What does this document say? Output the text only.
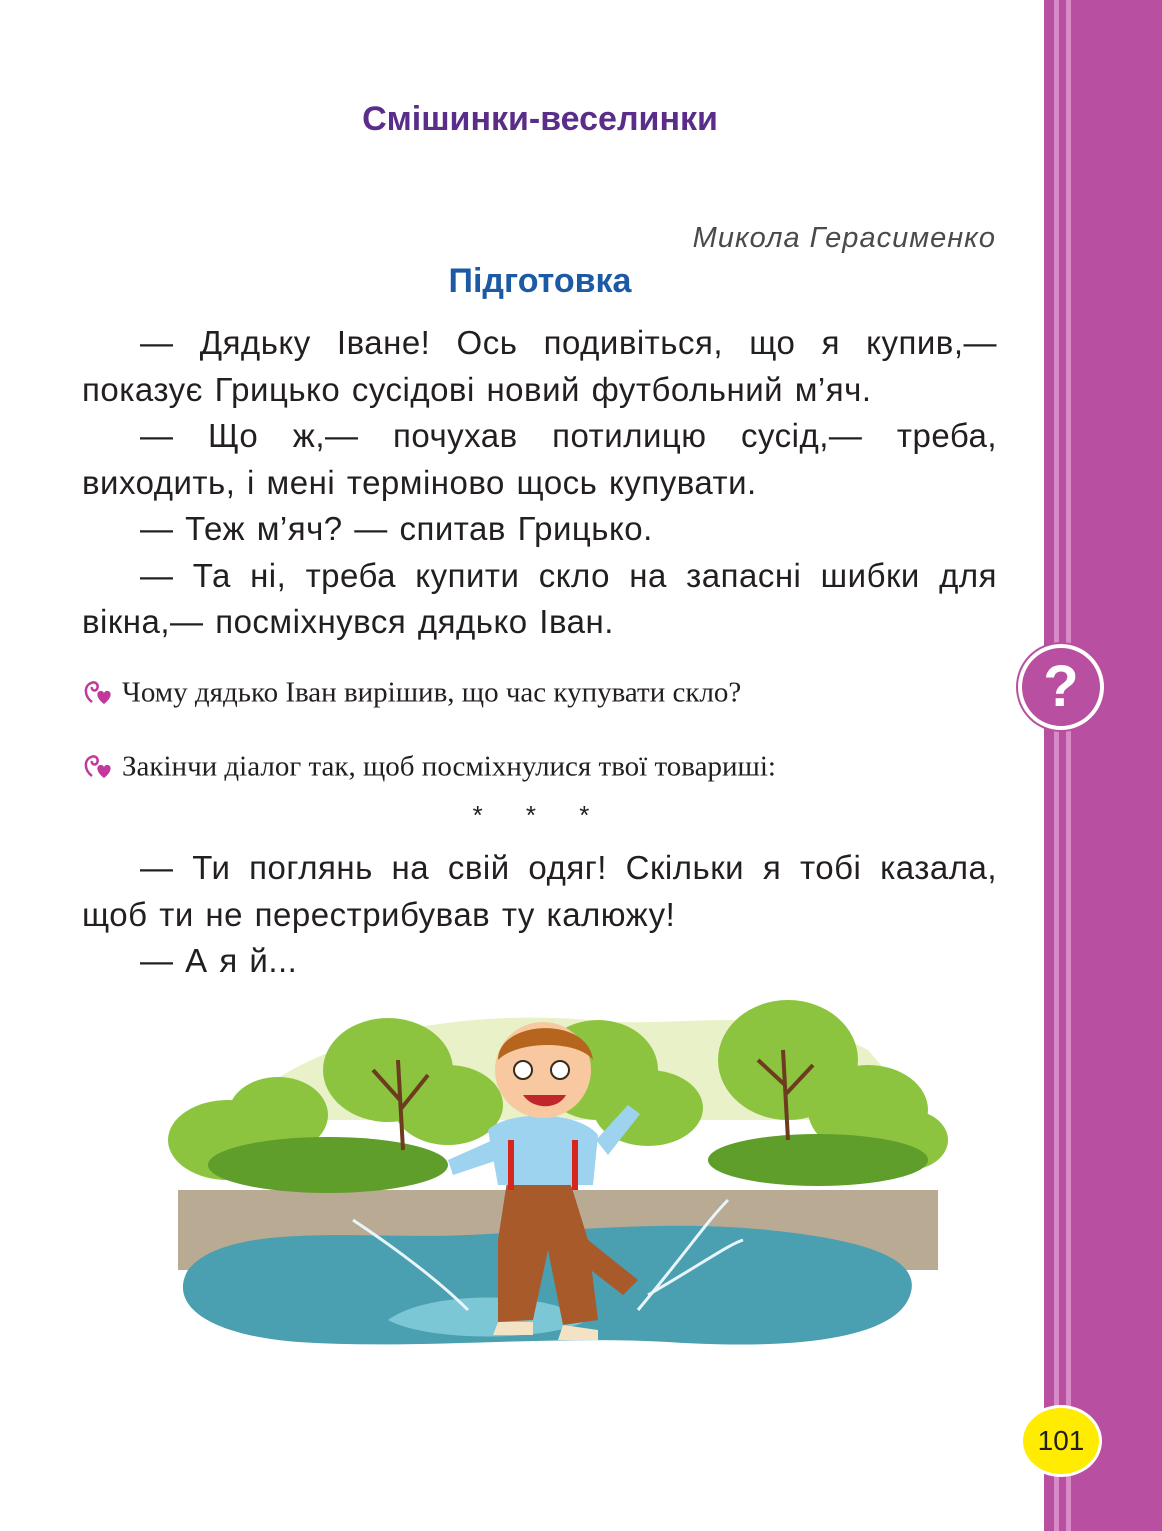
Смішинки-веселинки
Микола Герасименко
Підготовка

— Дядьку Іване! Ось подивіться, що я купив,— показує Грицько сусідові новий футбольний м’яч.

— Що ж,— почухав потилицю сусід,— треба, виходить, і мені терміново щось купувати.

— Теж м’яч? — спитав Грицько.

— Та ні, треба купити скло на запасні шибки для вікна,— посміхнувся дядько Іван.

?
Чому дядько Іван вирішив, що час купувати скло?
Закінчи діалог так, щоб посміхнулися твої товариші:
* * *

— Ти поглянь на свій одяг! Скільки я тобі казала, щоб ти не перестрибував ту калюжу!

— А я й...

101
